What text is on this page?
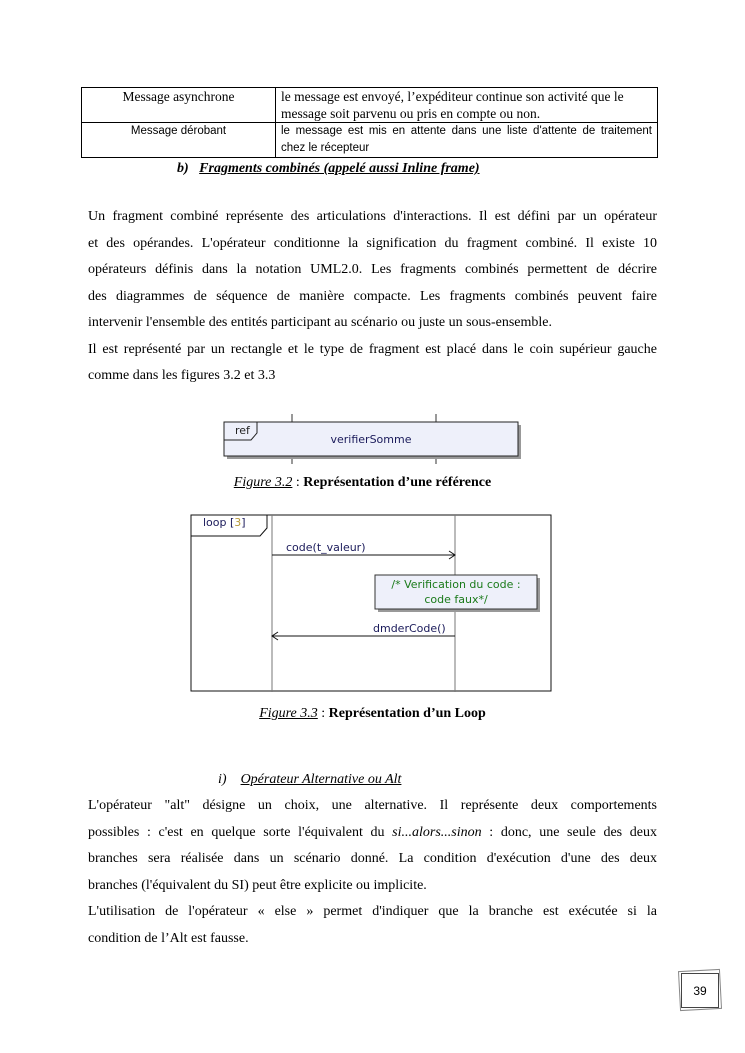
Message asynchrone	le message est envoyé, l’expéditeur continue son activité que le message soit parvenu ou pris en compte ou non.
Message dérobant	le message est mis en attente dans une liste d'attente de traitement chez le récepteur
b) Fragments combinés (appelé aussi Inline frame)
Un fragment combiné représente des articulations d'interactions. Il est défini par un opérateur
et des opérandes. L'opérateur conditionne la signification du fragment combiné. Il existe 10
opérateurs définis dans la notation UML2.0. Les fragments combinés permettent de décrire
des diagrammes de séquence de manière compacte. Les fragments combinés peuvent faire
intervenir l'ensemble des entités participant au scénario ou juste un sous-ensemble.
Il est représenté par un rectangle et le type de fragment est placé dans le coin supérieur gauche
comme dans les figures 3.2 et 3.3
ref
verifierSomme
Figure 3.2 : Représentation d’une référence
loop [3]
code(t_valeur)
/* Verification du code :
code faux*/
dmderCode()
Figure 3.3 : Représentation d’un Loop
i) Opérateur Alternative ou Alt
L'opérateur "alt" désigne un choix, une alternative. Il représente deux comportements
possibles : c'est en quelque sorte l'équivalent du si...alors...sinon : donc, une seule des deux
branches sera réalisée dans un scénario donné. La condition d'exécution d'une des deux
branches (l'équivalent du SI) peut être explicite ou implicite.
L'utilisation de l'opérateur « else » permet d'indiquer que la branche est exécutée si la
condition de l’Alt est fausse.
39
